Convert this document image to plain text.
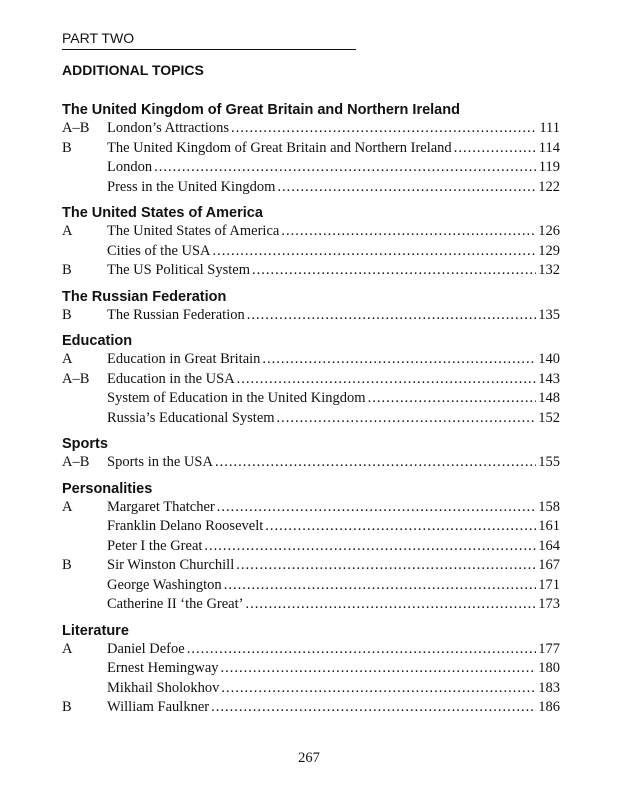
PART TWO
ADDITIONAL TOPICS
The United Kingdom of Great Britain and Northern Ireland
A–B	London’s Attractions .....	111
B	The United Kingdom of Great Britain and Northern Ireland .....	114
London .....	119
Press in the United Kingdom .....	122
The United States of America
A	The United States of America .....	126
Cities of the USA .....	129
B	The US Political System .....	132
The Russian Federation
B	The Russian Federation .....	135
Education
A	Education in Great Britain .....	140
A–B	Education in the USA .....	143
System of Education in the United Kingdom .....	148
Russia’s Educational System .....	152
Sports
A–B	Sports in the USA .....	155
Personalities
A	Margaret Thatcher .....	158
Franklin Delano Roosevelt .....	161
Peter I the Great .....	164
B	Sir Winston Churchill .....	167
George Washington .....	171
Catherine II ‘the Great’ .....	173
Literature
A	Daniel Defoe .....	177
Ernest Hemingway .....	180
Mikhail Sholokhov .....	183
B	William Faulkner .....	186
267
